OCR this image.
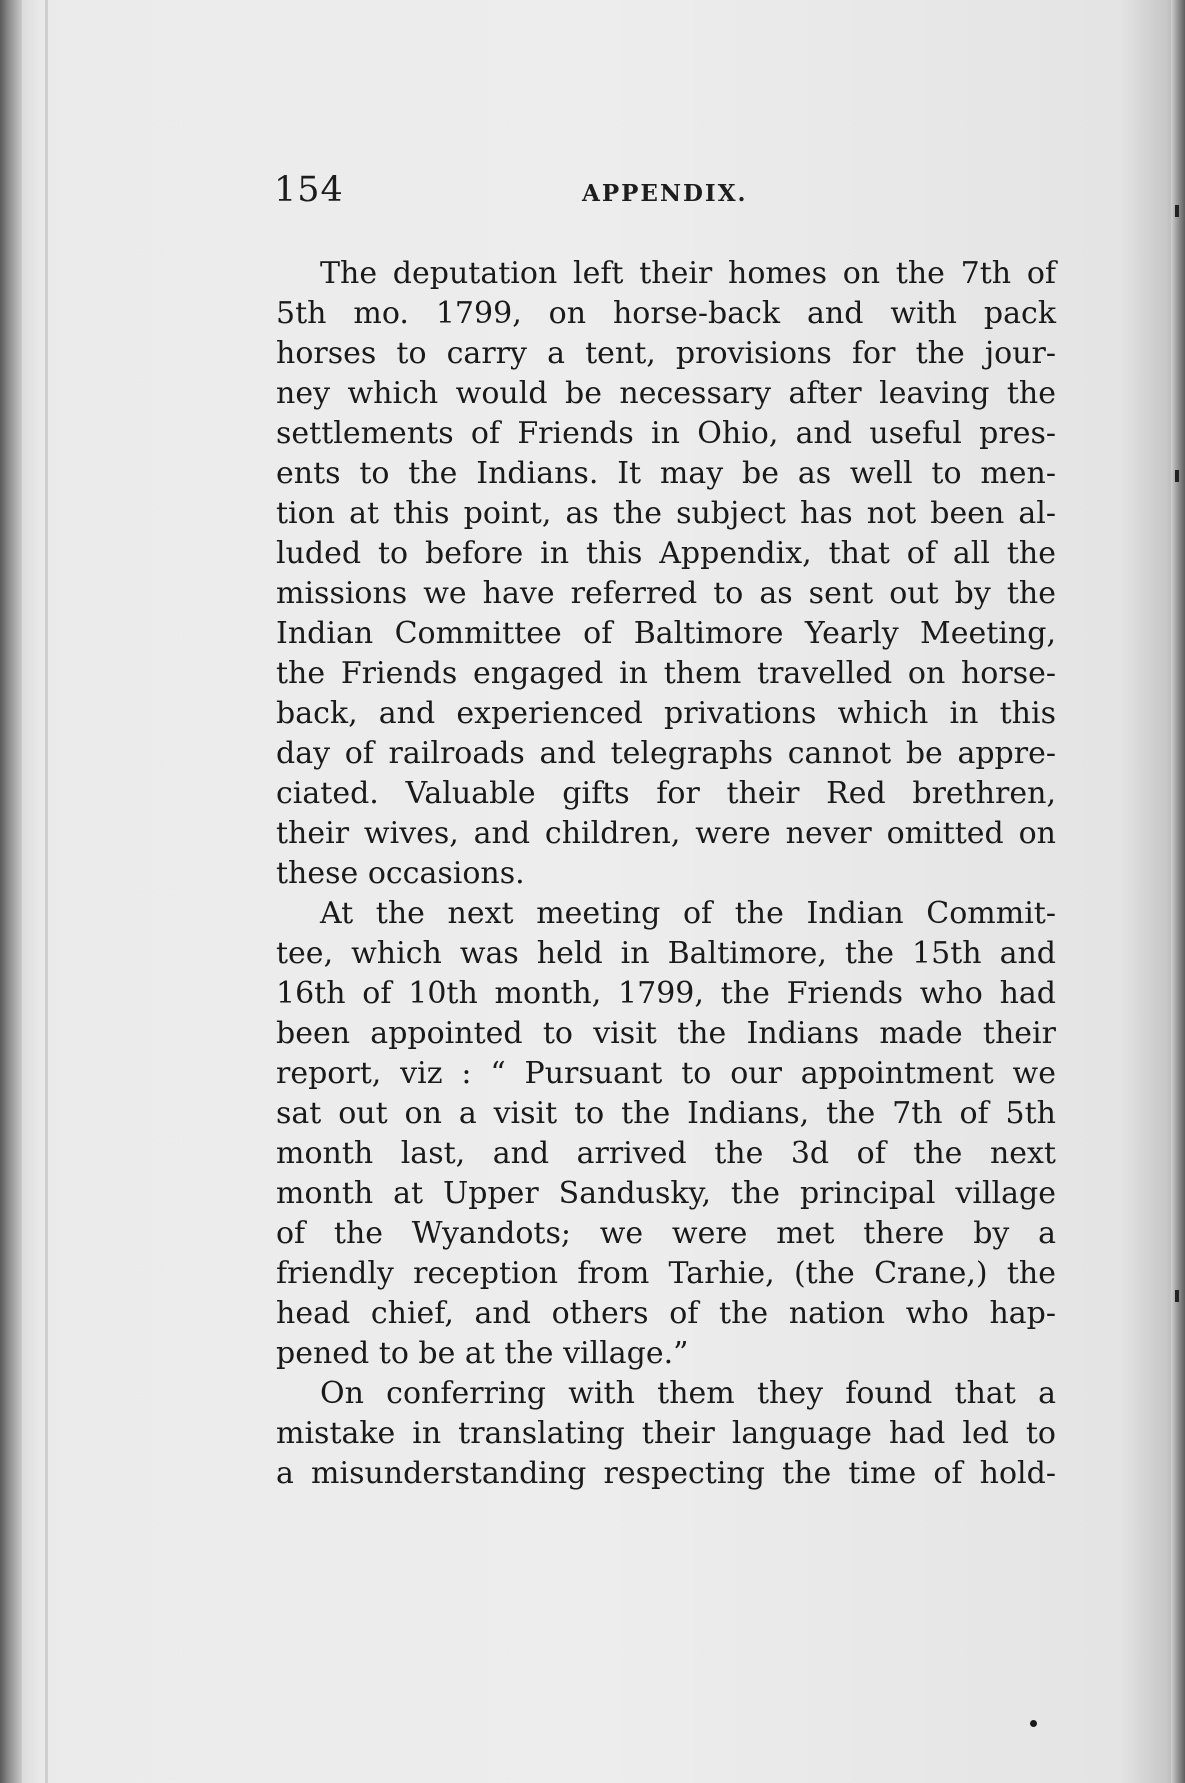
154	APPENDIX.
The deputation left their homes on the 7th of
5th mo. 1799, on horse-back and with pack
horses to carry a tent, provisions for the jour-
ney which would be necessary after leaving the
settlements of Friends in Ohio, and useful pres-
ents to the Indians. It may be as well to men-
tion at this point, as the subject has not been al-
luded to before in this Appendix, that of all the
missions we have referred to as sent out by the
Indian Committee of Baltimore Yearly Meeting,
the Friends engaged in them travelled on horse-
back, and experienced privations which in this
day of railroads and telegraphs cannot be appre-
ciated. Valuable gifts for their Red brethren,
their wives, and children, were never omitted on
these occasions.
At the next meeting of the Indian Commit-
tee, which was held in Baltimore, the 15th and
16th of 10th month, 1799, the Friends who had
been appointed to visit the Indians made their
report, viz : “ Pursuant to our appointment we
sat out on a visit to the Indians, the 7th of 5th
month last, and arrived the 3d of the next
month at Upper Sandusky, the principal village
of the Wyandots; we were met there by a
friendly reception from Tarhie, (the Crane,) the
head chief, and others of the nation who hap-
pened to be at the village.”
On conferring with them they found that a
mistake in translating their language had led to
a misunderstanding respecting the time of hold-
